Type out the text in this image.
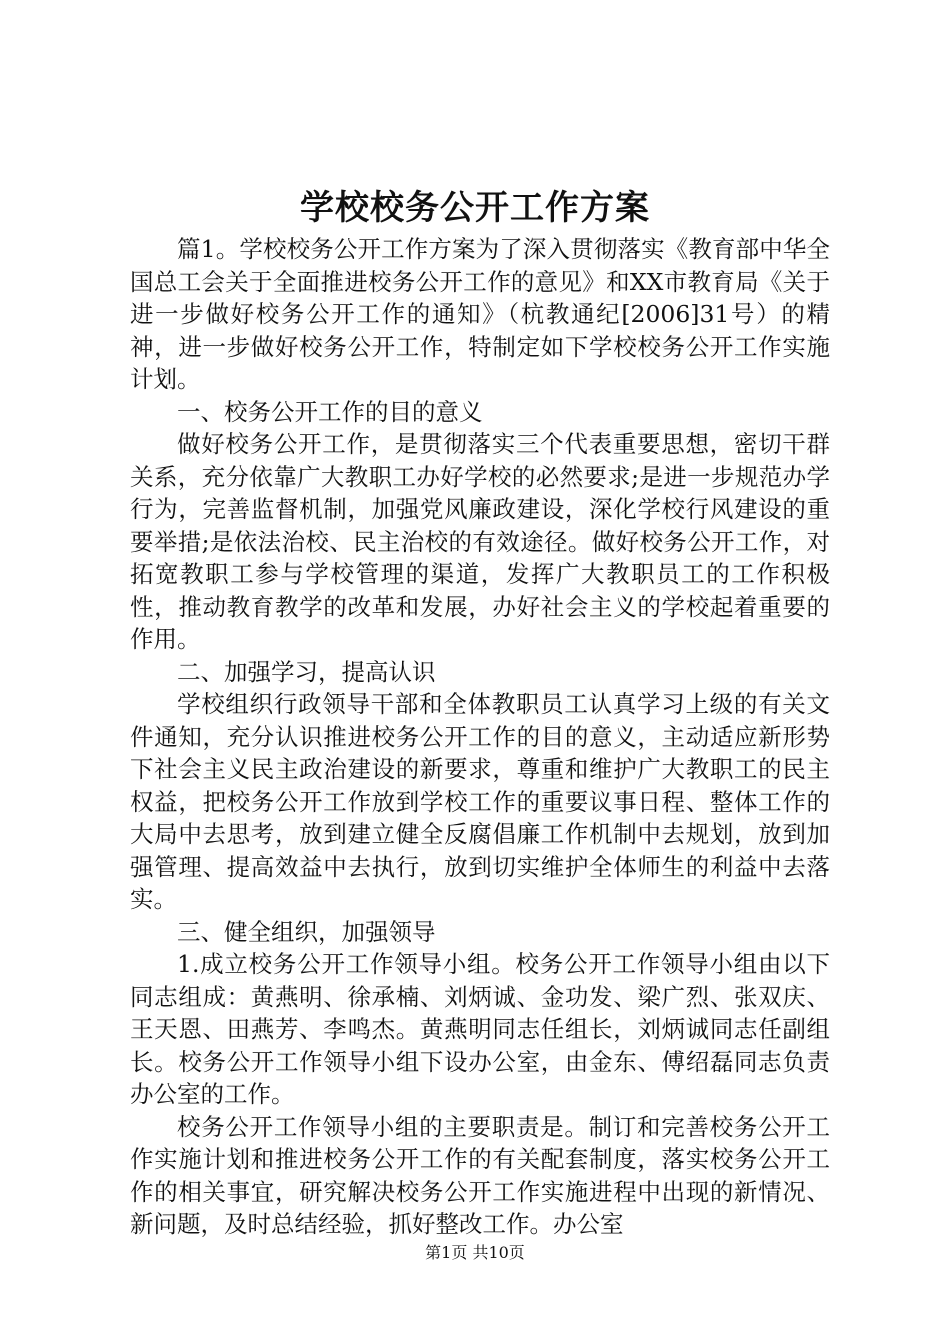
学校校务公开工作方案

篇1。学校校务公开工作方案为了深入贯彻落实《教育部中华全国总工会关于全面推进校务公开工作的意见》和XX市教育局《关于进一步做好校务公开工作的通知》（杭教通纪[2006]31号）的精神，进一步做好校务公开工作，特制定如下学校校务公开工作实施计划。

一、校务公开工作的目的意义

做好校务公开工作，是贯彻落实三个代表重要思想，密切干群关系，充分依靠广大教职工办好学校的必然要求;是进一步规范办学行为，完善监督机制，加强党风廉政建设，深化学校行风建设的重要举措;是依法治校、民主治校的有效途径。做好校务公开工作，对拓宽教职工参与学校管理的渠道，发挥广大教职员工的工作积极性，推动教育教学的改革和发展，办好社会主义的学校起着重要的作用。

二、加强学习，提高认识

学校组织行政领导干部和全体教职员工认真学习上级的有关文件通知，充分认识推进校务公开工作的目的意义，主动适应新形势下社会主义民主政治建设的新要求，尊重和维护广大教职工的民主权益，把校务公开工作放到学校工作的重要议事日程、整体工作的大局中去思考，放到建立健全反腐倡廉工作机制中去规划，放到加强管理、提高效益中去执行，放到切实维护全体师生的利益中去落实。

三、健全组织，加强领导

1.成立校务公开工作领导小组。校务公开工作领导小组由以下同志组成：黄燕明、徐承楠、刘炳诚、金功发、梁广烈、张双庆、王天恩、田燕芳、李鸣杰。黄燕明同志任组长，刘炳诚同志任副组长。校务公开工作领导小组下设办公室，由金东、傅绍磊同志负责办公室的工作。

校务公开工作领导小组的主要职责是。制订和完善校务公开工作实施计划和推进校务公开工作的有关配套制度，落实校务公开工作的相关事宜，研究解决校务公开工作实施进程中出现的新情况、新问题，及时总结经验，抓好整改工作。办公室

第1页 共10页
